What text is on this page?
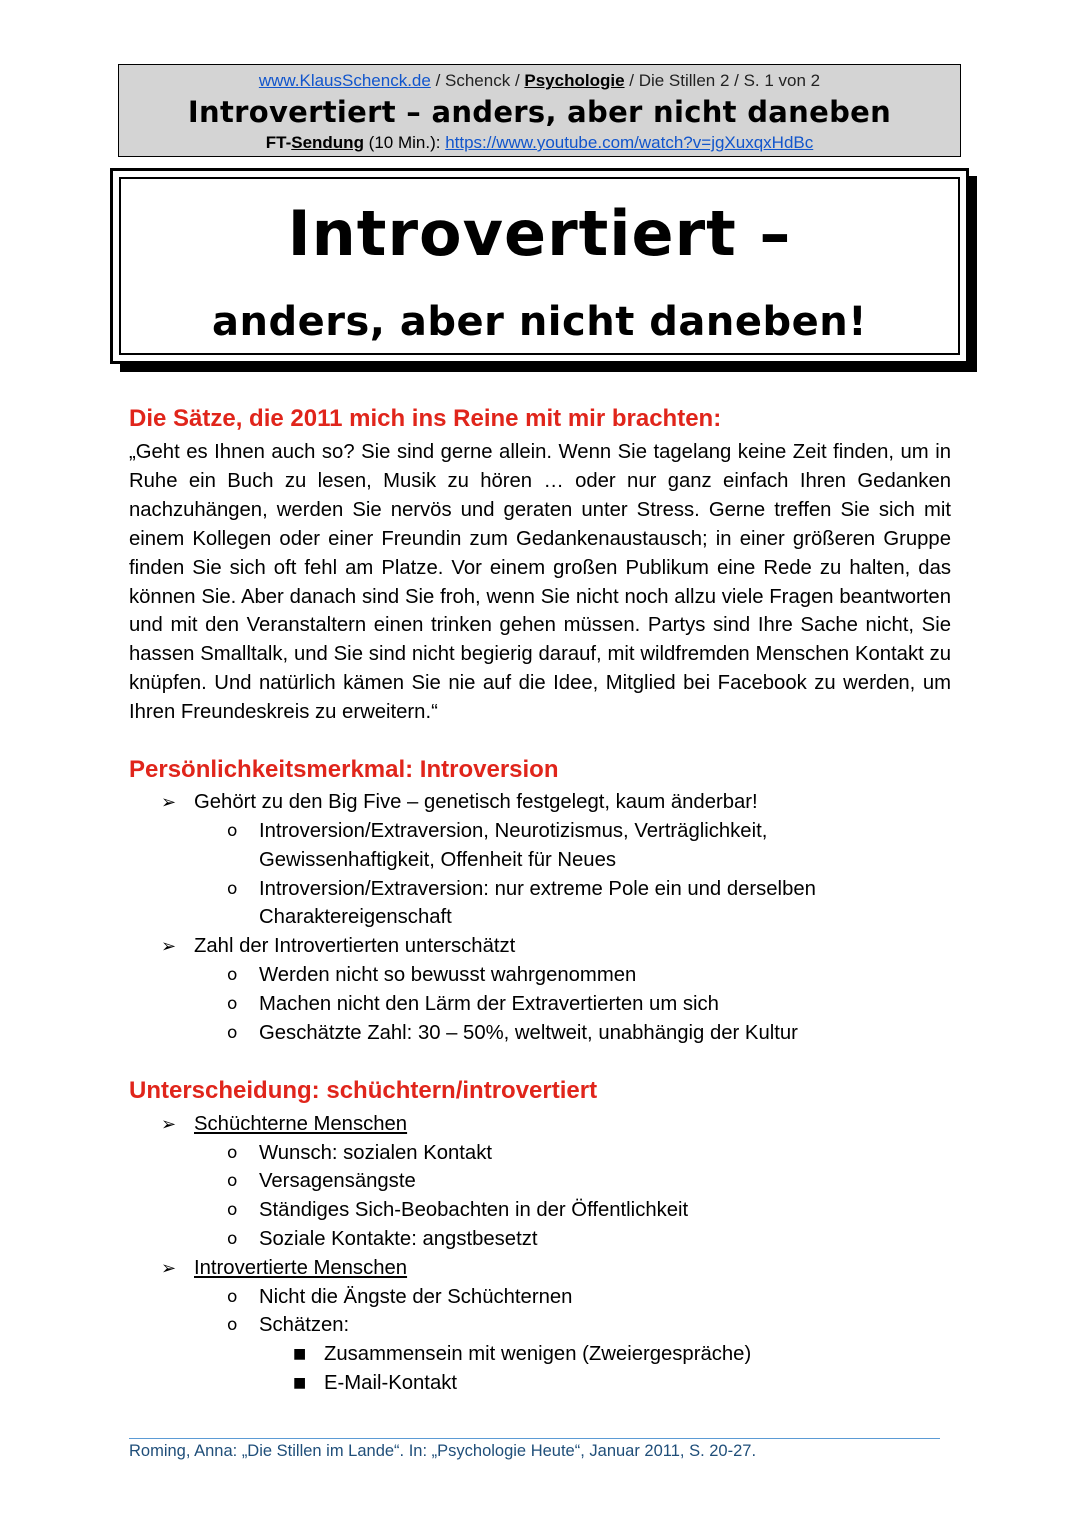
www.KlausSchenck.de / Schenck / Psychologie / Die Stillen 2 / S. 1 von 2
Introvertiert – anders, aber nicht daneben
FT-Sendung (10 Min.): https://www.youtube.com/watch?v=jgXuxqxHdBc
Introvertiert –
anders, aber nicht daneben!
Die Sätze, die 2011 mich ins Reine mit mir brachten:
„Geht es Ihnen auch so? Sie sind gerne allein. Wenn Sie tagelang keine Zeit finden, um in Ruhe ein Buch zu lesen, Musik zu hören … oder nur ganz einfach Ihren Gedanken nachzuhängen, werden Sie nervös und geraten unter Stress. Gerne treffen Sie sich mit einem Kollegen oder einer Freundin zum Gedankenaustausch; in einer größeren Gruppe finden Sie sich oft fehl am Platze. Vor einem großen Publikum eine Rede zu halten, das können Sie. Aber danach sind Sie froh, wenn Sie nicht noch allzu viele Fragen beantworten und mit den Veranstaltern einen trinken gehen müssen. Partys sind Ihre Sache nicht, Sie hassen Smalltalk, und Sie sind nicht begierig darauf, mit wildfremden Menschen Kontakt zu knüpfen. Und natürlich kämen Sie nie auf die Idee, Mitglied bei Facebook zu werden, um Ihren Freundeskreis zu erweitern.“
Persönlichkeitsmerkmal: Introversion
➢ Gehört zu den Big Five – genetisch festgelegt, kaum änderbar!
o Introversion/Extraversion, Neurotizismus, Verträglichkeit,
Gewissenhaftigkeit, Offenheit für Neues
o Introversion/Extraversion: nur extreme Pole ein und derselben
Charaktereigenschaft
➢ Zahl der Introvertierten unterschätzt
o Werden nicht so bewusst wahrgenommen
o Machen nicht den Lärm der Extravertierten um sich
o Geschätzte Zahl: 30 – 50%, weltweit, unabhängig der Kultur
Unterscheidung: schüchtern/introvertiert
➢ Schüchterne Menschen
o Wunsch: sozialen Kontakt
o Versagensängste
o Ständiges Sich-Beobachten in der Öffentlichkeit
o Soziale Kontakte: angstbesetzt
➢ Introvertierte Menschen
o Nicht die Ängste der Schüchternen
o Schätzen:
■ Zusammensein mit wenigen (Zweiergespräche)
■ E-Mail-Kontakt
Roming, Anna: „Die Stillen im Lande“. In: „Psychologie Heute“, Januar 2011, S. 20-27.
